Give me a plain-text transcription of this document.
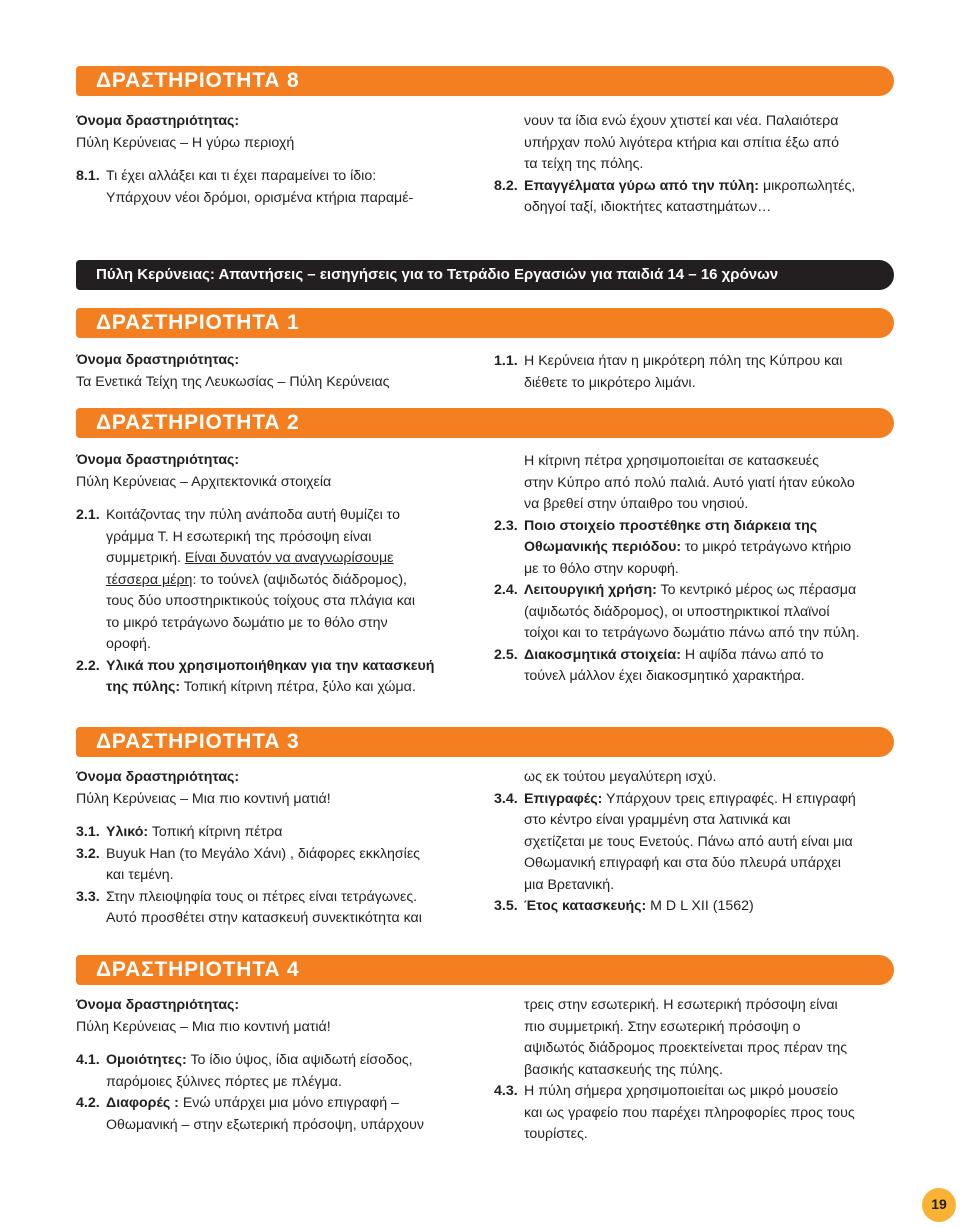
ΔΡΑΣΤΗΡΙΟΤΗΤΑ 8
Όνομα δραστηριότητας:
Πύλη Κερύνειας – Η γύρω περιοχή
8.1. Τι έχει αλλάξει και τι έχει παραμείνει το ίδιο:
Υπάρχουν νέοι δρόμοι, ορισμένα κτήρια παραμέ-
νουν τα ίδια ενώ έχουν χτιστεί και νέα. Παλαιότερα
υπήρχαν πολύ λιγότερα κτήρια και σπίτια έξω από
τα τείχη της πόλης.
8.2. Επαγγέλματα γύρω από την πύλη: μικροπωλητές,
οδηγοί ταξί, ιδιοκτήτες καταστημάτων…
Πύλη Κερύνειας: Απαντήσεις – εισηγήσεις για το Τετράδιο Εργασιών για παιδιά 14 – 16 χρόνων
ΔΡΑΣΤΗΡΙΟΤΗΤΑ 1
Όνομα δραστηριότητας:
Τα Ενετικά Τείχη της Λευκωσίας – Πύλη Κερύνειας
1.1. Η Κερύνεια ήταν η μικρότερη πόλη της Κύπρου και
διέθετε το μικρότερο λιμάνι.
ΔΡΑΣΤΗΡΙΟΤΗΤΑ 2
Όνομα δραστηριότητας:
Πύλη Κερύνειας – Αρχιτεκτονικά στοιχεία
2.1. Κοιτάζοντας την πύλη ανάποδα αυτή θυμίζει το
γράμμα Τ. Η εσωτερική της πρόσοψη είναι
συμμετρική. Είναι δυνατόν να αναγνωρίσουμε
τέσσερα μέρη: το τούνελ (αψιδωτός διάδρομος),
τους δύο υποστηρικτικούς τοίχους στα πλάγια και
το μικρό τετράγωνο δωμάτιο με το θόλο στην
οροφή.
2.2. Υλικά που χρησιμοποιήθηκαν για την κατασκευή
της πύλης: Τοπική κίτρινη πέτρα, ξύλο και χώμα.
Η κίτρινη πέτρα χρησιμοποιείται σε κατασκευές
στην Κύπρο από πολύ παλιά. Αυτό γιατί ήταν εύκολο
να βρεθεί στην ύπαιθρο του νησιού.
2.3. Ποιο στοιχείο προστέθηκε στη διάρκεια της
Οθωμανικής περιόδου: το μικρό τετράγωνο κτήριο
με το θόλο στην κορυφή.
2.4. Λειτουργική χρήση: Το κεντρικό μέρος ως πέρασμα
(αψιδωτός διάδρομος), οι υποστηρικτικοί πλαϊνοί
τοίχοι και το τετράγωνο δωμάτιο πάνω από την πύλη.
2.5. Διακοσμητικά στοιχεία: Η αψίδα πάνω από το
τούνελ μάλλον έχει διακοσμητικό χαρακτήρα.
ΔΡΑΣΤΗΡΙΟΤΗΤΑ 3
Όνομα δραστηριότητας:
Πύλη Κερύνειας – Μια πιο κοντινή ματιά!
3.1. Υλικό: Τοπική κίτρινη πέτρα
3.2. Buyuk Han (το Μεγάλο Χάνι) , διάφορες εκκλησίες
και τεμένη.
3.3. Στην πλειοψηφία τους οι πέτρες είναι τετράγωνες.
Αυτό προσθέτει στην κατασκευή συνεκτικότητα και
ως εκ τούτου μεγαλύτερη ισχύ.
3.4. Επιγραφές: Υπάρχουν τρεις επιγραφές. Η επιγραφή
στο κέντρο είναι γραμμένη στα λατινικά και
σχετίζεται με τους Ενετούς. Πάνω από αυτή είναι μια
Οθωμανική επιγραφή και στα δύο πλευρά υπάρχει
μια Βρετανική.
3.5. Έτος κατασκευής: M D L XII (1562)
ΔΡΑΣΤΗΡΙΟΤΗΤΑ 4
Όνομα δραστηριότητας:
Πύλη Κερύνειας – Μια πιο κοντινή ματιά!
4.1. Ομοιότητες: Το ίδιο ύψος, ίδια αψιδωτή είσοδος,
παρόμοιες ξύλινες πόρτες με πλέγμα.
4.2. Διαφορές : Ενώ υπάρχει μια μόνο επιγραφή –
Οθωμανική – στην εξωτερική πρόσοψη, υπάρχουν
τρεις στην εσωτερική. Η εσωτερική πρόσοψη είναι
πιο συμμετρική. Στην εσωτερική πρόσοψη ο
αψιδωτός διάδρομος προεκτείνεται προς πέραν της
βασικής κατασκευής της πύλης.
4.3. Η πύλη σήμερα χρησιμοποιείται ως μικρό μουσείο
και ως γραφείο που παρέχει πληροφορίες προς τους
τουρίστες.
19
